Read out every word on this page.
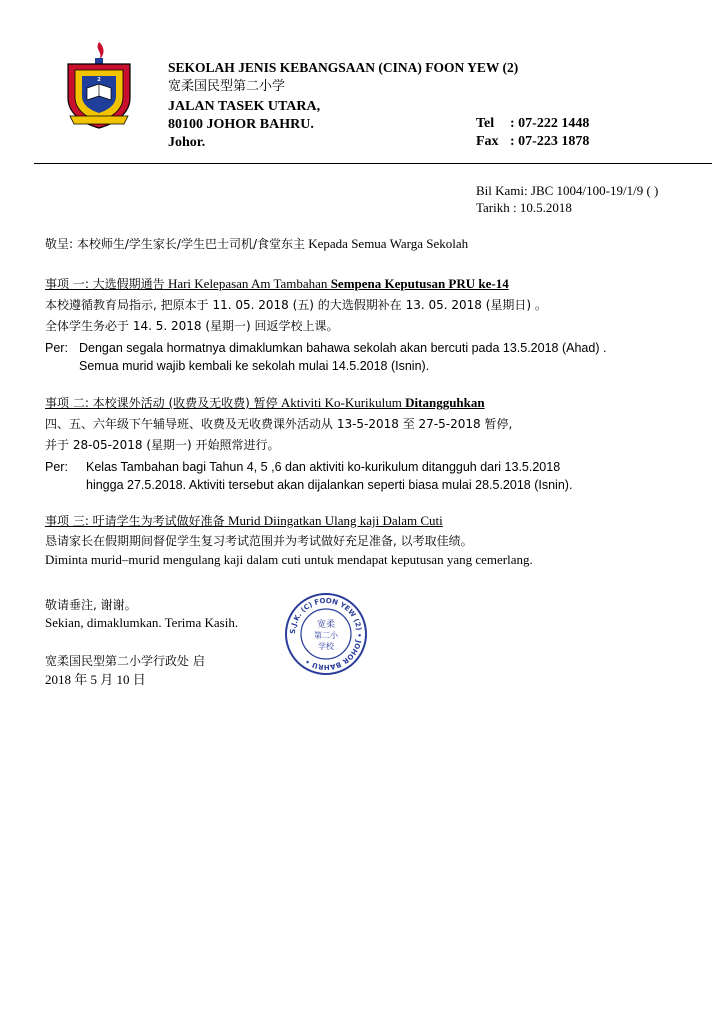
2
SEKOLAH JENIS KEBANGSAAN (CINA) FOON YEW (2)
宽柔国民型第二小学
JALAN TASEK UTARA,
80100 JOHOR BAHRU.
Johor.
Tel : 07-222 1448
Fax : 07-223 1878
Bil Kami: JBC 1004/100-19/1/9 ( )
Tarikh : 10.5.2018
敬呈: 本校师生/学生家长/学生巴士司机/食堂东主 Kepada Semua Warga Sekolah
事项 一: 大选假期通告 Hari Kelepasan Am Tambahan Sempena Keputusan PRU ke-14
本校遵循教育局指示, 把原本于 11. 05. 2018 (五) 的大选假期补在 13. 05. 2018 (星期日) 。
全体学生务必于 14. 5. 2018 (星期一) 回返学校上课。
Per: Dengan segala hormatnya dimaklumkan bahawa sekolah akan bercuti pada 13.5.2018 (Ahad) .
Semua murid wajib kembali ke sekolah mulai 14.5.2018 (Isnin).
事项 二: 本校课外活动 (收费及无收费) 暂停 Aktiviti Ko-Kurikulum Ditangguhkan
四、五、六年级下午辅导班、收费及无收费课外活动从 13-5-2018 至 27-5-2018 暂停,
并于 28-05-2018 (星期一) 开始照常进行。
Per: Kelas Tambahan bagi Tahun 4, 5 ,6 dan aktiviti ko-kurikulum ditangguh dari 13.5.2018
hingga 27.5.2018. Aktiviti tersebut akan dijalankan seperti biasa mulai 28.5.2018 (Isnin).
事项 三: 吁请学生为考试做好准备 Murid Diingatkan Ulang kaji Dalam Cuti
恳请家长在假期期间督促学生复习考试范围并为考试做好充足准备, 以考取佳绩。
Diminta murid–murid mengulang kaji dalam cuti untuk mendapat keputusan yang cemerlang.
敬请垂注, 谢谢。
Sekian, dimaklumkan. Terima Kasih.
宽柔国民型第二小学行政处 启
2018 年 5 月 10 日
S.J.K. (C) FOON YEW (2) • JOHOR BAHRU •
宽柔
第二小
学校
